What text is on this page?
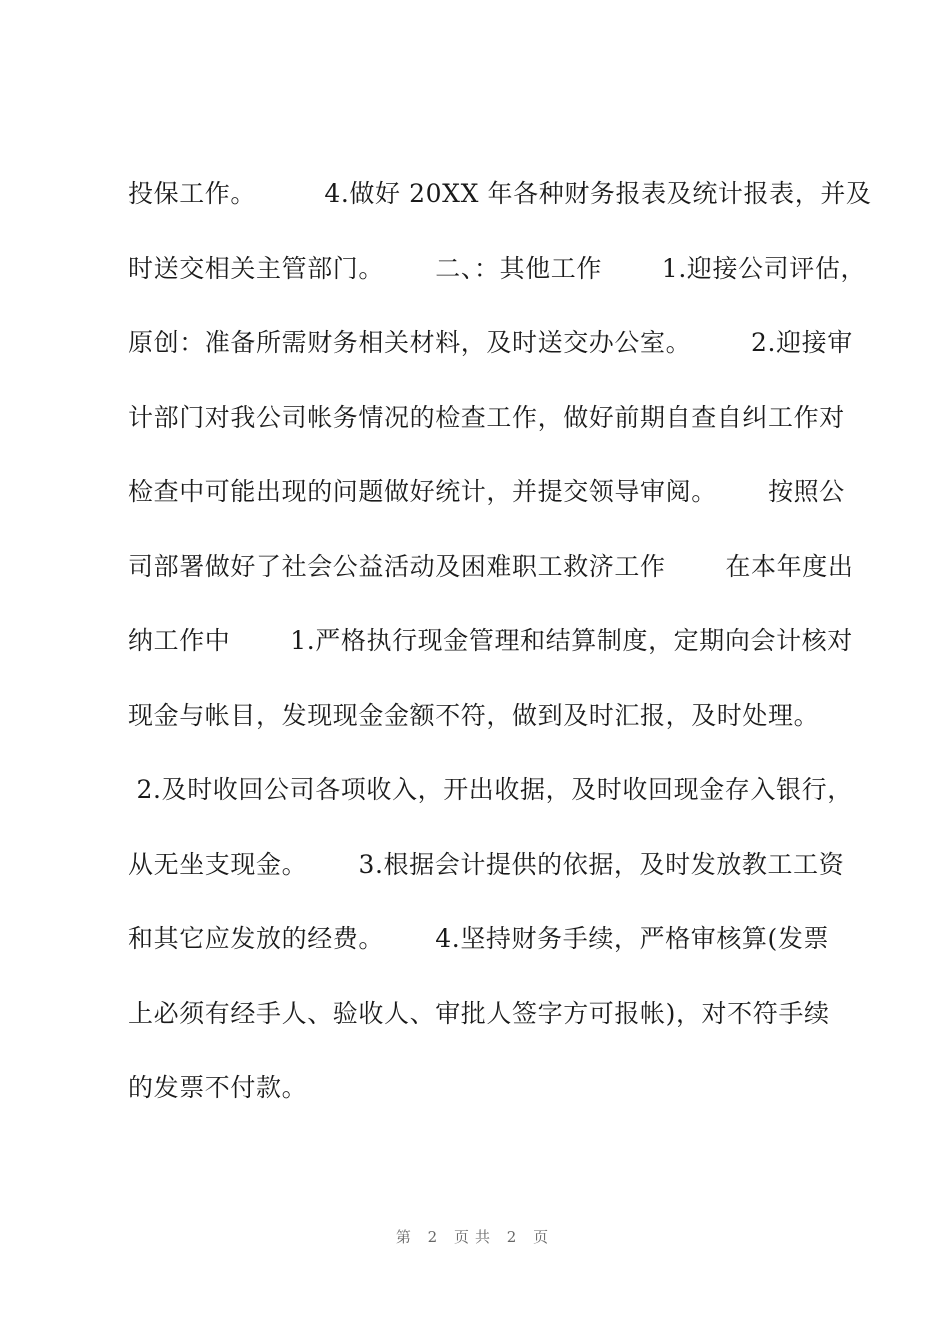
投保工作。        4.做好 20XX 年各种财务报表及统计报表，并及
时送交相关主管部门。      二、：其他工作       1.迎接公司评估，
原创：准备所需财务相关材料，及时送交办公室。       2.迎接审
计部门对我公司帐务情况的检查工作，做好前期自查自纠工作对
检查中可能出现的问题做好统计，并提交领导审阅。      按照公
司部署做好了社会公益活动及困难职工救济工作       在本年度出
纳工作中       1.严格执行现金管理和结算制度，定期向会计核对
现金与帐目，发现现金金额不符，做到及时汇报，及时处理。
2.及时收回公司各项收入，开出收据，及时收回现金存入银行，
从无坐支现金。      3.根据会计提供的依据，及时发放教工工资
和其它应发放的经费。      4.坚持财务手续，严格审核算(发票
上必须有经手人、验收人、审批人签字方可报帐)，对不符手续
的发票不付款。
第 2 页共 2 页
